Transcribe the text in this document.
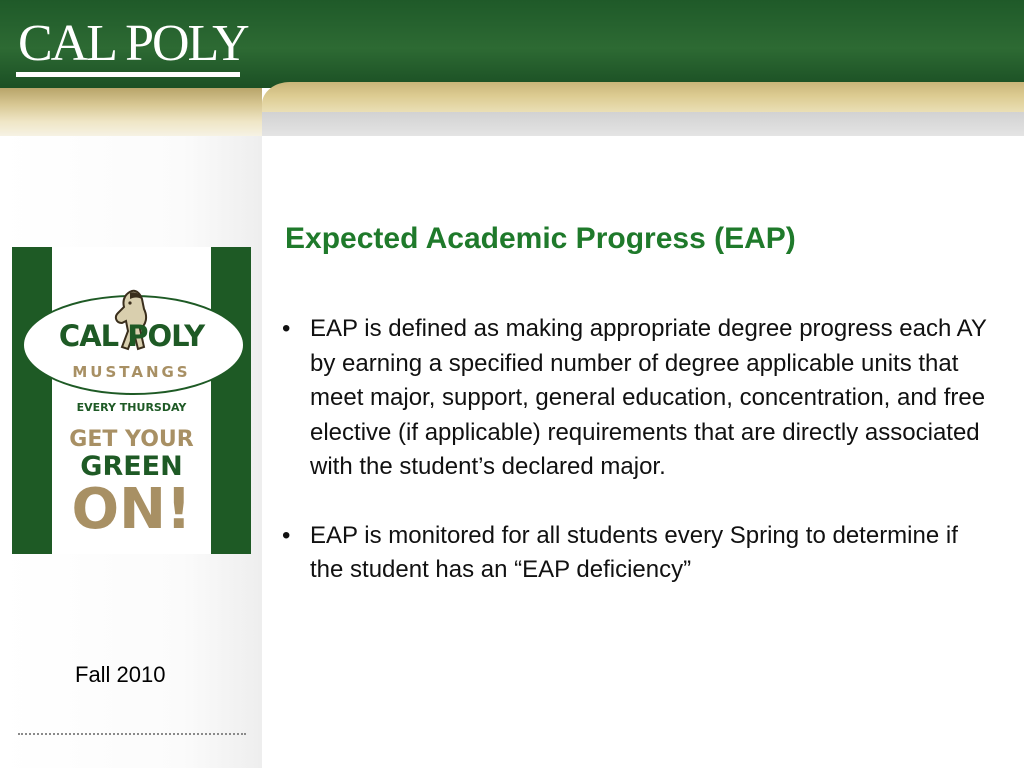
CAL POLY
CAL POLY
MUSTANGS
EVERY THURSDAY
GET YOUR
GREEN
ON!
Fall 2010
Expected Academic Progress (EAP)
• EAP is defined as making appropriate degree progress each AY by earning a specified number of degree applicable units that meet major, support, general education, concentration, and free elective (if applicable) requirements that are directly associated with the student’s declared major.
• EAP is monitored for all students every Spring to determine if the student has an “EAP deficiency”
